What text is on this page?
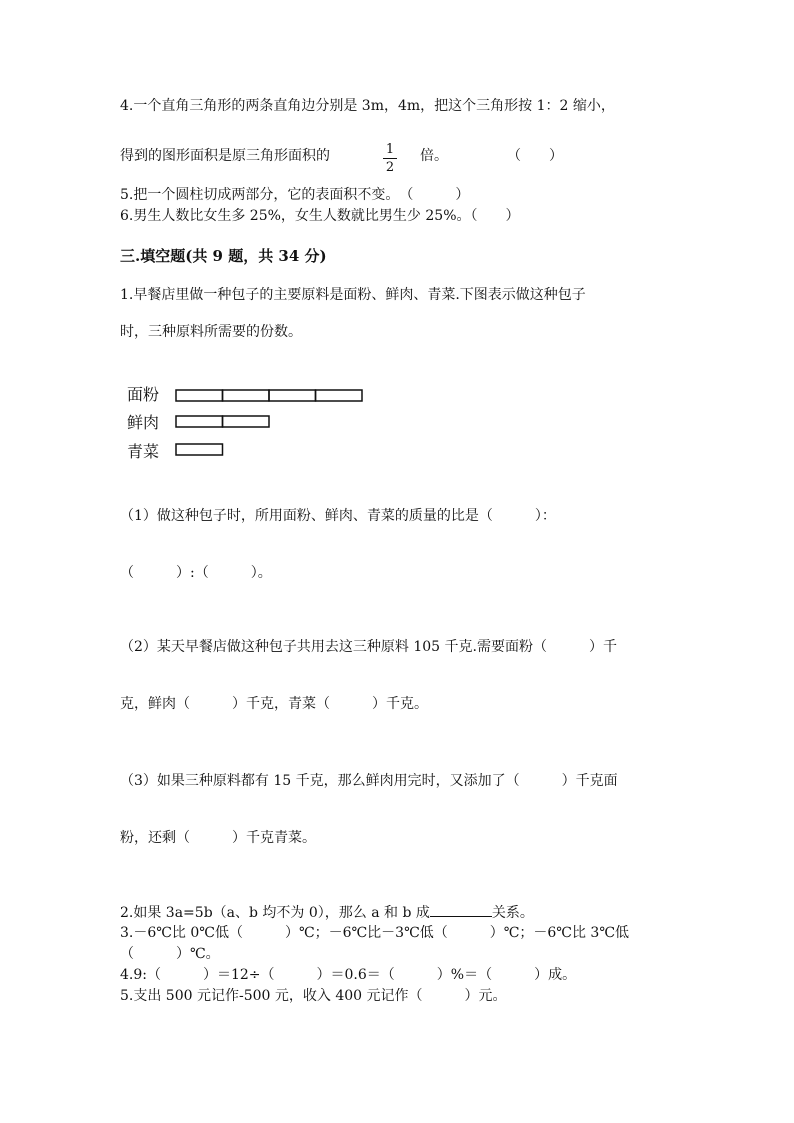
4.一个直角三角形的两条直角边分别是 3m，4m，把这个三角形按 1：2 缩小，
得到的图形面积是原三角形面积的	1
2
倍。	（　　）
5.把一个圆柱切成两部分，它的表面积不变。　（　　　）
6.男生人数比女生多 25%，女生人数就比男生少 25%。（　　）
三.填空题(共 9 题，共 34 分)
1.早餐店里做一种包子的主要原料是面粉、鲜肉、青菜.下图表示做这种包子
时，三种原料所需要的份数。
面粉
鲜肉
青菜
（1）做这种包子时，所用面粉、鲜肉、青菜的质量的比是（　　　）：
（　　　）:（　　　）。
（2）某天早餐店做这种包子共用去这三种原料 105 千克.需要面粉（　　　）千
克，鲜肉（　　　）千克，青菜（　　　）千克。
（3）如果三种原料都有 15 千克，那么鲜肉用完时，又添加了（　　　）千克面
粉，还剩（　　　）千克青菜。
2.如果 3a=5b（a、b 均不为 0），那么 a 和 b 成	关系。
3.－6℃比 0℃低（　　　）℃；－6℃比－3℃低（　　　）℃；－6℃比 3℃低
（　　　）℃。
4.9:（　　　）＝12÷（　　　）＝0.6＝（　　　）%＝（　　　）成。
5.支出 500 元记作-500 元，收入 400 元记作（　　　）元。
